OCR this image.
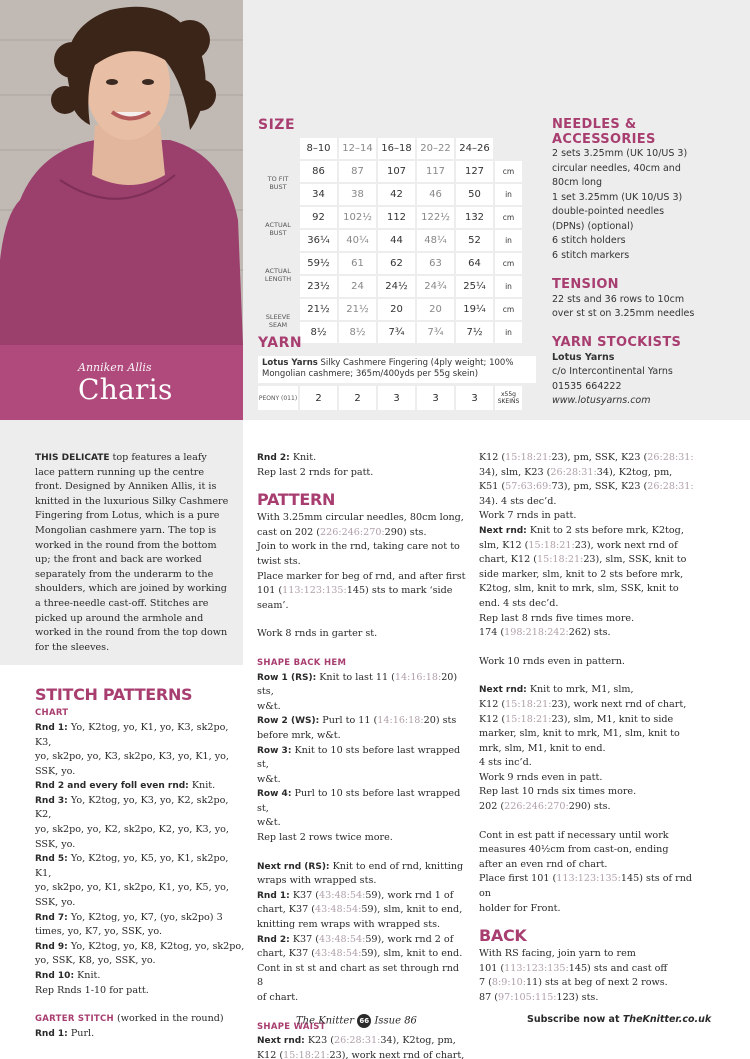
Anniken Allis
Charis
SIZE
	8–10	12–14	16–18	20–22	24–26	
TO FIT BUST	86	87	107	117	127	cm
	34	38	42	46	50	in
ACTUAL BUST	92	102½	112	122½	132	cm
	36¼	40¼	44	48¼	52	in
ACTUAL LENGTH	59½	61	62	63	64	cm
	23½	24	24½	24¾	25¼	in
SLEEVE SEAM	21½	21½	20	20	19¼	cm
	8½	8½	7¾	7¾	7½	in
YARN
Lotus Yarns Silky Cashmere Fingering (4ply weight; 100% Mongolian cashmere; 365m/400yds per 55g skein)
PEONY (011)	2	2	3	3	3	x55g SKEINS
NEEDLES & ACCESSORIES
2 sets 3.25mm (UK 10/US 3)
circular needles, 40cm and
80cm long
1 set 3.25mm (UK 10/US 3)
double-pointed needles
(DPNs) (optional)
6 stitch holders
6 stitch markers
TENSION
22 sts and 36 rows to 10cm
over st st on 3.25mm needles
YARN STOCKISTS
Lotus Yarns
c/o Intercontinental Yarns
01535 664222
www.lotusyarns.com

THIS DELICATE top features a leafy
lace pattern running up the centre
front. Designed by Anniken Allis, it is
knitted in the luxurious Silky Cashmere
Fingering from Lotus, which is a pure
Mongolian cashmere yarn. The top is
worked in the round from the bottom
up; the front and back are worked
separately from the underarm to the
shoulders, which are joined by working
a three-needle cast-off. Stitches are
picked up around the armhole and
worked in the round from the top down
for the sleeves.

STITCH PATTERNS
CHART

Rnd 1: Yo, K2tog, yo, K1, yo, K3, sk2po, K3,
yo, sk2po, yo, K3, sk2po, K3, yo, K1, yo,
SSK, yo.

Rnd 2 and every foll even rnd: Knit.

Rnd 3: Yo, K2tog, yo, K3, yo, K2, sk2po, K2,
yo, sk2po, yo, K2, sk2po, K2, yo, K3, yo,
SSK, yo.

Rnd 5: Yo, K2tog, yo, K5, yo, K1, sk2po, K1,
yo, sk2po, yo, K1, sk2po, K1, yo, K5, yo,
SSK, yo.

Rnd 7: Yo, K2tog, yo, K7, (yo, sk2po) 3
times, yo, K7, yo, SSK, yo.

Rnd 9: Yo, K2tog, yo, K8, K2tog, yo, sk2po,
yo, SSK, K8, yo, SSK, yo.

Rnd 10: Knit.

Rep Rnds 1-10 for patt.

GARTER STITCH (worked in the round)

Rnd 1: Purl.

Rnd 2: Knit.

Rep last 2 rnds for patt.

PATTERN

With 3.25mm circular needles, 80cm long,
cast on 202 (226:246:270:290) sts.
Join to work in the rnd, taking care not to
twist sts.
Place marker for beg of rnd, and after first
101 (113:123:135:145) sts to mark ‘side seam’.

Work 8 rnds in garter st.

SHAPE BACK HEM

Row 1 (RS): Knit to last 11 (14:16:18:20) sts,
w&t.

Row 2 (WS): Purl to 11 (14:16:18:20) sts
before mrk, w&t.

Row 3: Knit to 10 sts before last wrapped st,
w&t.

Row 4: Purl to 10 sts before last wrapped st,
w&t.

Rep last 2 rows twice more.

Next rnd (RS): Knit to end of rnd, knitting
wraps with wrapped sts.

Rnd 1: K37 (43:48:54:59), work rnd 1 of
chart, K37 (43:48:54:59), slm, knit to end,
knitting rem wraps with wrapped sts.

Rnd 2: K37 (43:48:54:59), work rnd 2 of
chart, K37 (43:48:54:59), slm, knit to end.
Cont in st st and chart as set through rnd 8
of chart.

SHAPE WAIST

Next rnd: K23 (26:28:31:34), K2tog, pm,
K12 (15:18:21:23), work next rnd of chart,

K12 (15:18:21:23), pm, SSK, K23 (26:28:31:
34), slm, K23 (26:28:31:34), K2tog, pm,
K51 (57:63:69:73), pm, SSK, K23 (26:28:31:
34). 4 sts dec’d.
Work 7 rnds in patt.

Next rnd: Knit to 2 sts before mrk, K2tog,
slm, K12 (15:18:21:23), work next rnd of
chart, K12 (15:18:21:23), slm, SSK, knit to
side marker, slm, knit to 2 sts before mrk,
K2tog, slm, knit to mrk, slm, SSK, knit to
end. 4 sts dec’d.
Rep last 8 rnds five times more.
174 (198:218:242:262) sts.

Work 10 rnds even in pattern.

Next rnd: Knit to mrk, M1, slm,
K12 (15:18:21:23), work next rnd of chart,
K12 (15:18:21:23), slm, M1, knit to side
marker, slm, knit to mrk, M1, slm, knit to
mrk, slm, M1, knit to end.
4 sts inc’d.
Work 9 rnds even in patt.
Rep last 10 rnds six times more.
202 (226:246:270:290) sts.

Cont in est patt if necessary until work
measures 40½cm from cast-on, ending
after an even rnd of chart.
Place first 101 (113:123:135:145) sts of rnd on
holder for Front.

BACK

With RS facing, join yarn to rem
101 (113:123:135:145) sts and cast off
7 (8:9:10:11) sts at beg of next 2 rows.
87 (97:105:115:123) sts.

The Knitter 66 Issue 86	Subscribe now at TheKnitter.co.uk
